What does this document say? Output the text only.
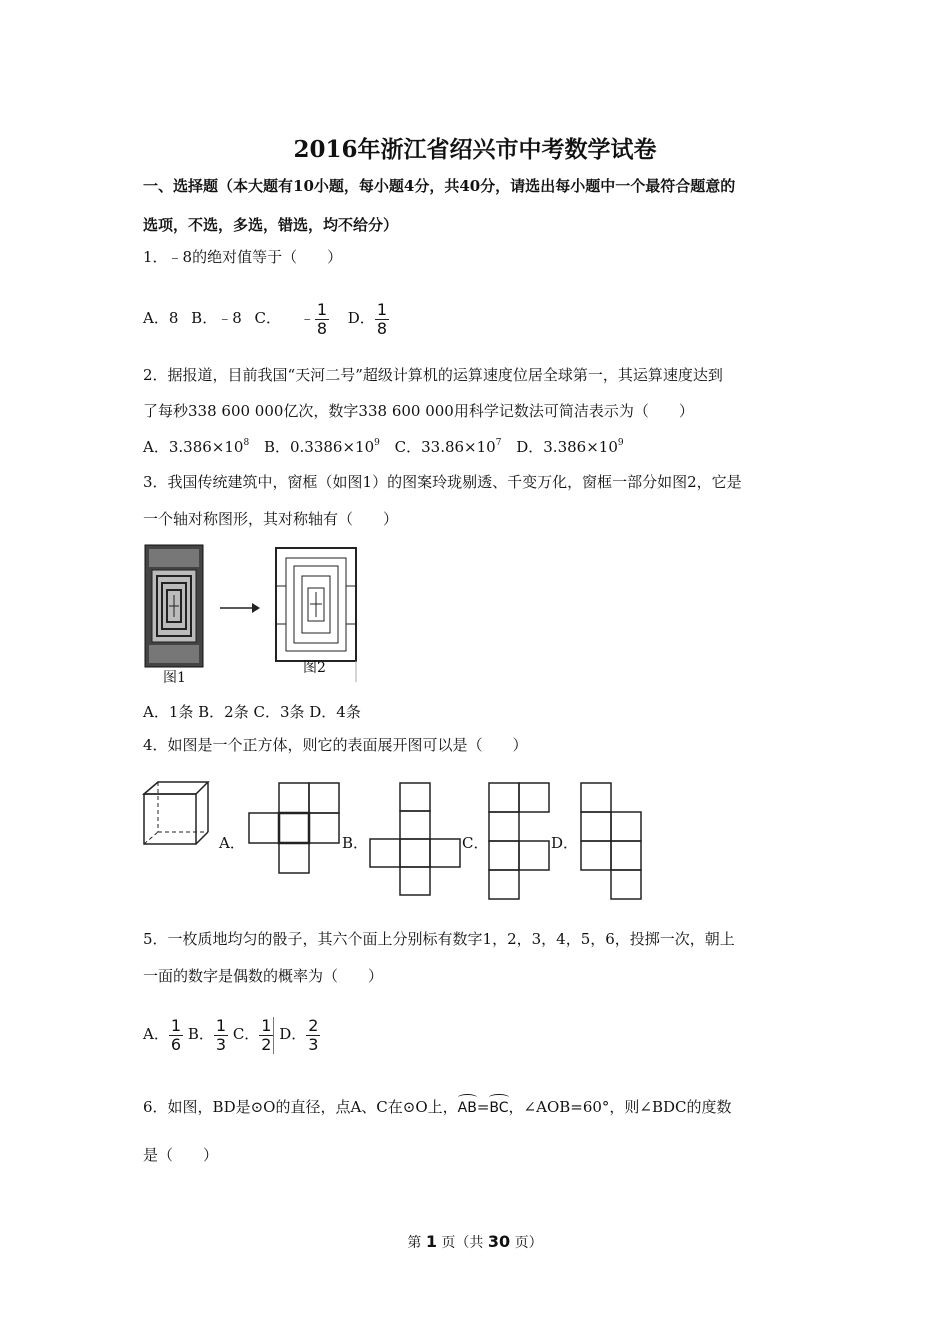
2016年浙江省绍兴市中考数学试卷
一、选择题（本大题有10小题，每小题4分，共40分，请选出每小题中一个最符合题意的
选项，不选，多选，错选，均不给分）
1．﹣8的绝对值等于（　　）
A．8 B．﹣8 C． ﹣ $\frac{1}{8}$ D． $\frac{1}{8}$
2．据报道，目前我国“天河二号”超级计算机的运算速度位居全球第一，其运算速度达到
了每秒338 600 000亿次，数字338 600 000用科学记数法可简洁表示为（　　）
A．$3.386\times 10^8$ B．$0.3386\times 10^9$ C．$33.86\times 10^7$ D．$3.386\times 10^9$
3．我国传统建筑中，窗框（如图1）的图案玲珑剔透、千变万化，窗框一部分如图2，它是
一个轴对称图形，其对称轴有（　　）
图1
图2
A．1条 B．2条 C．3条 D．4条
4．如图是一个正方体，则它的表面展开图可以是（　　）
A．	B．	C．	D．
5．一枚质地均匀的骰子，其六个面上分别标有数字1，2，3，4，5，6，投掷一次，朝上
一面的数字是偶数的概率为（　　）
A． $\frac{1}{6}$ B． $\frac{1}{3}$ C． $\frac{1}{2}$ D． $\frac{2}{3}$
6．如图，BD是⊙O的直径，点A、C在⊙O上，AB=BC，∠AOB=60°，则∠BDC的度数
是（　　）
第 1 页（共 30 页）
